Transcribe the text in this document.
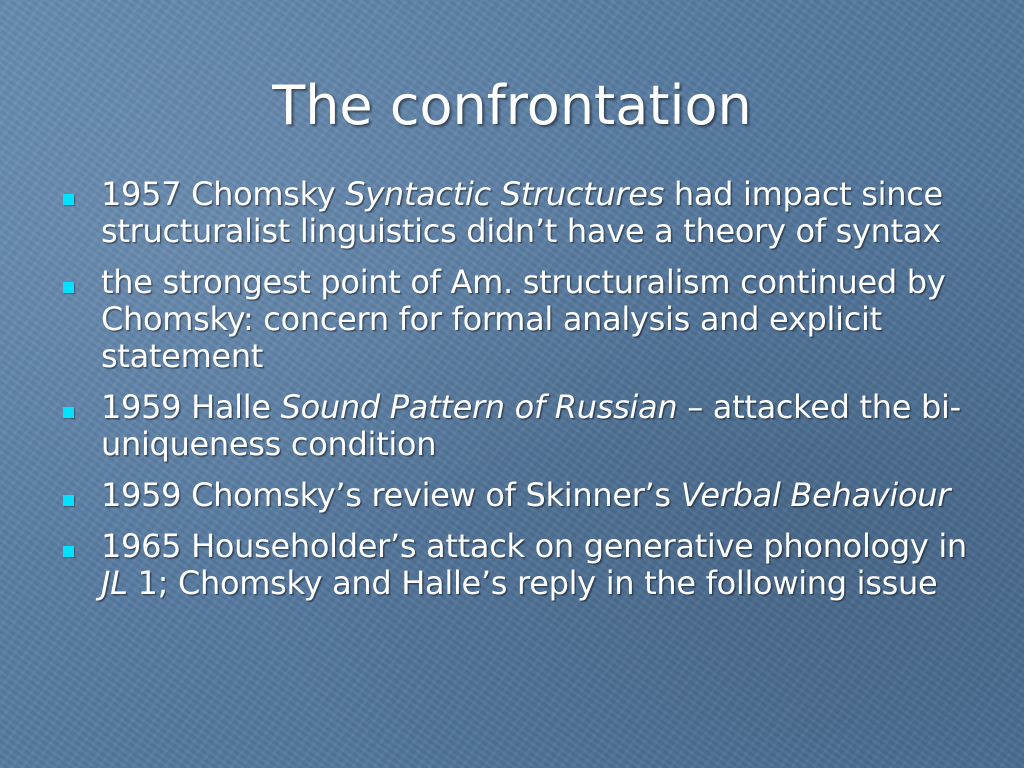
The confrontation
1957 Chomsky Syntactic Structures had impact since structuralist linguistics didn’t have a theory of syntax
the strongest point of Am. structuralism continued by Chomsky: concern for formal analysis and explicit statement
1959 Halle Sound Pattern of Russian – attacked the bi-uniqueness condition
1959 Chomsky’s review of Skinner’s Verbal Behaviour
1965 Householder’s attack on generative phonology in JL 1; Chomsky and Halle’s reply in the following issue
